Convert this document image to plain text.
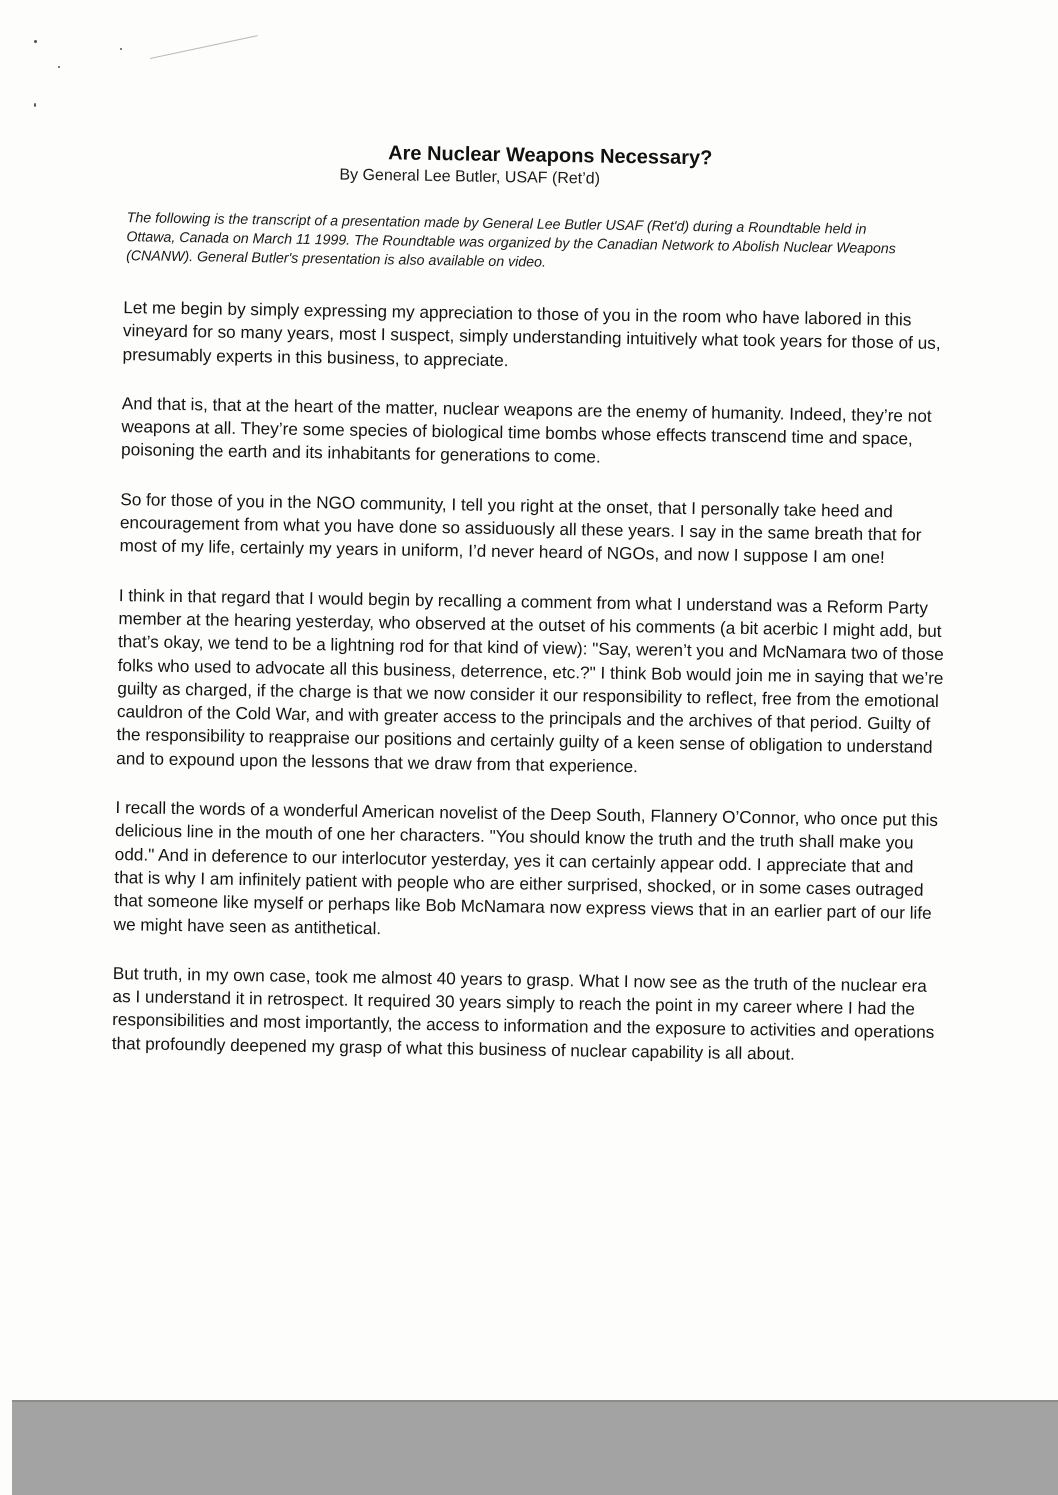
Are Nuclear Weapons Necessary?

By General Lee Butler, USAF (Ret’d)

The following is the transcript of a presentation made by General Lee Butler USAF (Ret'd) during a Roundtable held in Ottawa, Canada on March 11 1999. The Roundtable was organized by the Canadian Network to Abolish Nuclear Weapons (CNANW). General Butler's presentation is also available on video.

Let me begin by simply expressing my appreciation to those of you in the room who have labored in this vineyard for so many years, most I suspect, simply understanding intuitively what took years for those of us, presumably experts in this business, to appreciate.

And that is, that at the heart of the matter, nuclear weapons are the enemy of humanity. Indeed, they’re not weapons at all. They’re some species of biological time bombs whose effects transcend time and space, poisoning the earth and its inhabitants for generations to come.

So for those of you in the NGO community, I tell you right at the onset, that I personally take heed and encouragement from what you have done so assiduously all these years. I say in the same breath that for most of my life, certainly my years in uniform, I’d never heard of NGOs, and now I suppose I am one!

I think in that regard that I would begin by recalling a comment from what I understand was a Reform Party member at the hearing yesterday, who observed at the outset of his comments (a bit acerbic I might add, but that’s okay, we tend to be a lightning rod for that kind of view): "Say, weren’t you and McNamara two of those folks who used to advocate all this business, deterrence, etc.?" I think Bob would join me in saying that we’re guilty as charged, if the charge is that we now consider it our responsibility to reflect, free from the emotional cauldron of the Cold War, and with greater access to the principals and the archives of that period. Guilty of the responsibility to reappraise our positions and certainly guilty of a keen sense of obligation to understand and to expound upon the lessons that we draw from that experience.

I recall the words of a wonderful American novelist of the Deep South, Flannery O’Connor, who once put this delicious line in the mouth of one her characters. "You should know the truth and the truth shall make you odd." And in deference to our interlocutor yesterday, yes it can certainly appear odd. I appreciate that and that is why I am infinitely patient with people who are either surprised, shocked, or in some cases outraged that someone like myself or perhaps like Bob McNamara now express views that in an earlier part of our life we might have seen as antithetical.

But truth, in my own case, took me almost 40 years to grasp. What I now see as the truth of the nuclear era as I understand it in retrospect. It required 30 years simply to reach the point in my career where I had the responsibilities and most importantly, the access to information and the exposure to activities and operations that profoundly deepened my grasp of what this business of nuclear capability is all about.
